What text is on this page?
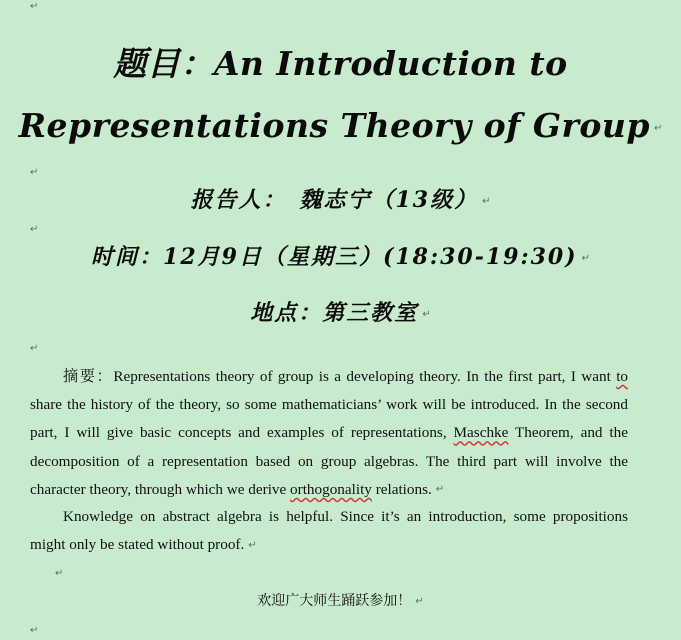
↵
题目：An Introduction to
Representations Theory of Group ↵
↵
报告人：　魏志宁（13级） ↵
↵
时间：12月9日（星期三）(18:30-19:30) ↵
地点：第三教室 ↵
↵
摘要：Representations theory of group is a developing theory. In the first part, I want to share the history of the theory, so some mathematicians’ work will be introduced. In the second part, I will give basic concepts and examples of representations, Maschke Theorem, and the decomposition of a representation based on group algebras. The third part will involve the character theory, through which we derive orthogonality relations. ↵
Knowledge on abstract algebra is helpful. Since it’s an introduction, some propositions might only be stated without proof. ↵
↵
欢迎广大师生踊跃参加！ ↵
↵
